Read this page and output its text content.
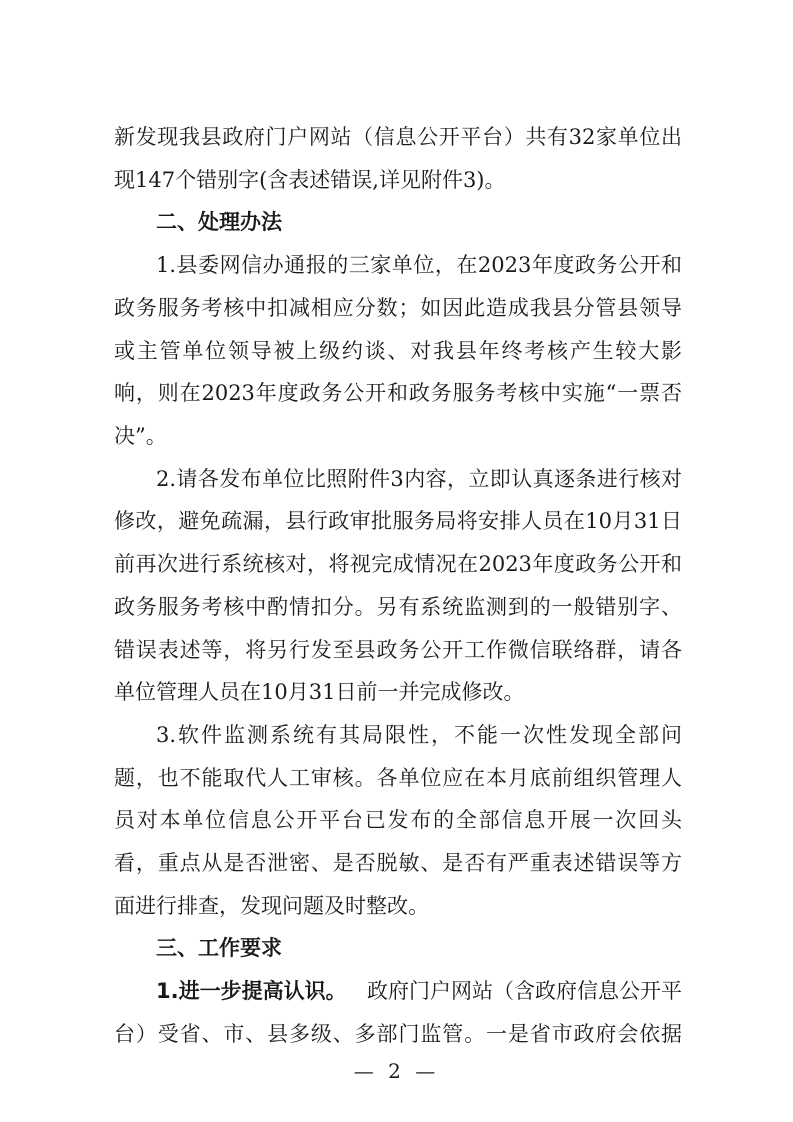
新发现我县政府门户网站（信息公开平台）共有32家单位出
现147个错别字(含表述错误,详见附件3)。
二、处理办法
1.县委网信办通报的三家单位，在2023年度政务公开和
政务服务考核中扣减相应分数；如因此造成我县分管县领导
或主管单位领导被上级约谈、对我县年终考核产生较大影
响，则在2023年度政务公开和政务服务考核中实施“一票否
决”。
2.请各发布单位比照附件3内容，立即认真逐条进行核对
修改，避免疏漏，县行政审批服务局将安排人员在10月31日
前再次进行系统核对，将视完成情况在2023年度政务公开和
政务服务考核中酌情扣分。另有系统监测到的一般错别字、
错误表述等，将另行发至县政务公开工作微信联络群，请各
单位管理人员在10月31日前一并完成修改。
3.软件监测系统有其局限性，不能一次性发现全部问
题，也不能取代人工审核。各单位应在本月底前组织管理人
员对本单位信息公开平台已发布的全部信息开展一次回头
看，重点从是否泄密、是否脱敏、是否有严重表述错误等方
面进行排查，发现问题及时整改。
三、工作要求
1.进一步提高认识。 政府门户网站（含政府信息公开平
台）受省、市、县多级、多部门监管。一是省市政府会依据
— 2 —
